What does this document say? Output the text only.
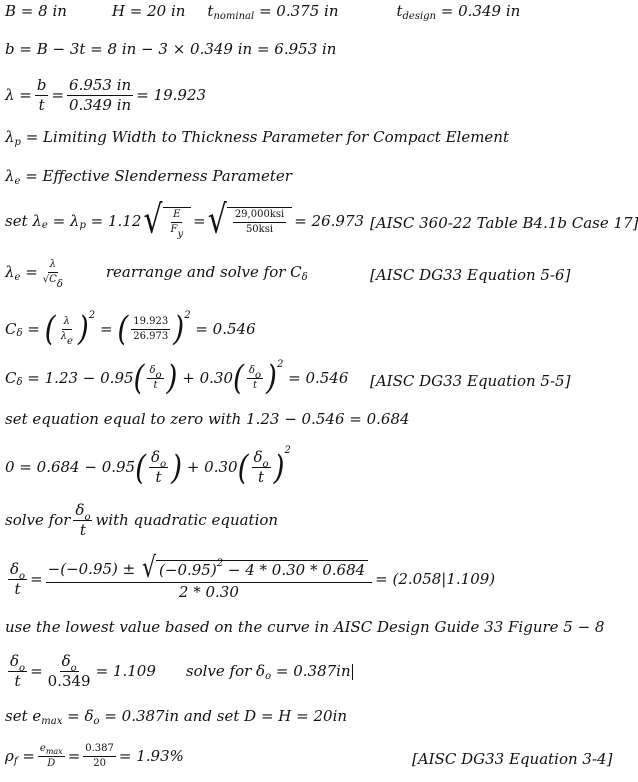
B = 8 in	H = 20 in t nominal
= 0.375 in	t design
= 0.349 in
b = B − 3t = 8 in − 3 × 0.349 in = 6.953 in
$\lambda = \frac{b}{t} = \frac{6.953 in}{0.349 in} = 19.923$
λ p
= Limiting Width to Thickness Parameter for Compact Element
λ e
= Effective Slenderness Parameter
set λ e
= λ p
= 1.12 √ $\frac{E}{Fy}$ = √ $\frac{\text{29,000ksi}}{\text{50ksi}} = 26.973$ [AISC 360-22 Table B4.1b Case 17]
λ e
= $\frac{\lambda}{√C\delta}$	rearrange and solve for C δ	[AISC DG33 Equation 5-6]
C δ
=
( $\frac{\lambda}{\lambda e}$ ) 2

=
( $\frac{19.923}{26.973}$ ) 2

= 0.546
C δ
= 1.23 − 0.95 ( $\frac{\delta o}{t}$ )
+ 0.30 ( $\frac{\delta o}{t}$ ) 2

= 0.546 [AISC DG33 Equation 5-5]
set equation equal to zero with 1.23 − 0.546 = 0.684
0 = 0.684 − 0.95 ( $\frac{\delta_o}{t}$ )
+ 0.30 ( $\frac{\delta_o}{t}$ ) 2
solve for $\frac{\delta_o}{t}$ with quadratic equation
$\frac{\delta_o}{t} = -(-0.95)$ ±
√ (−0.95) 2
− 4 * 0.30 * 0.684
2 * 0.30 = (2.058|1.109)
use the lowest value based on the curve in AISC Design Guide 33 Figure 5 − 8
$\frac{\delta_o}{t} = \frac{\delta_o}{0.349} = 1.109$ solve for δ o
= 0.387in
set e max
= δ o
= 0.387in and set D = H = 20in
ρ f
= $\frac{e_{max}}{D} = \frac{0.387}{20} = 1.93\%$	[AISC DG33 Equation 3-4]
